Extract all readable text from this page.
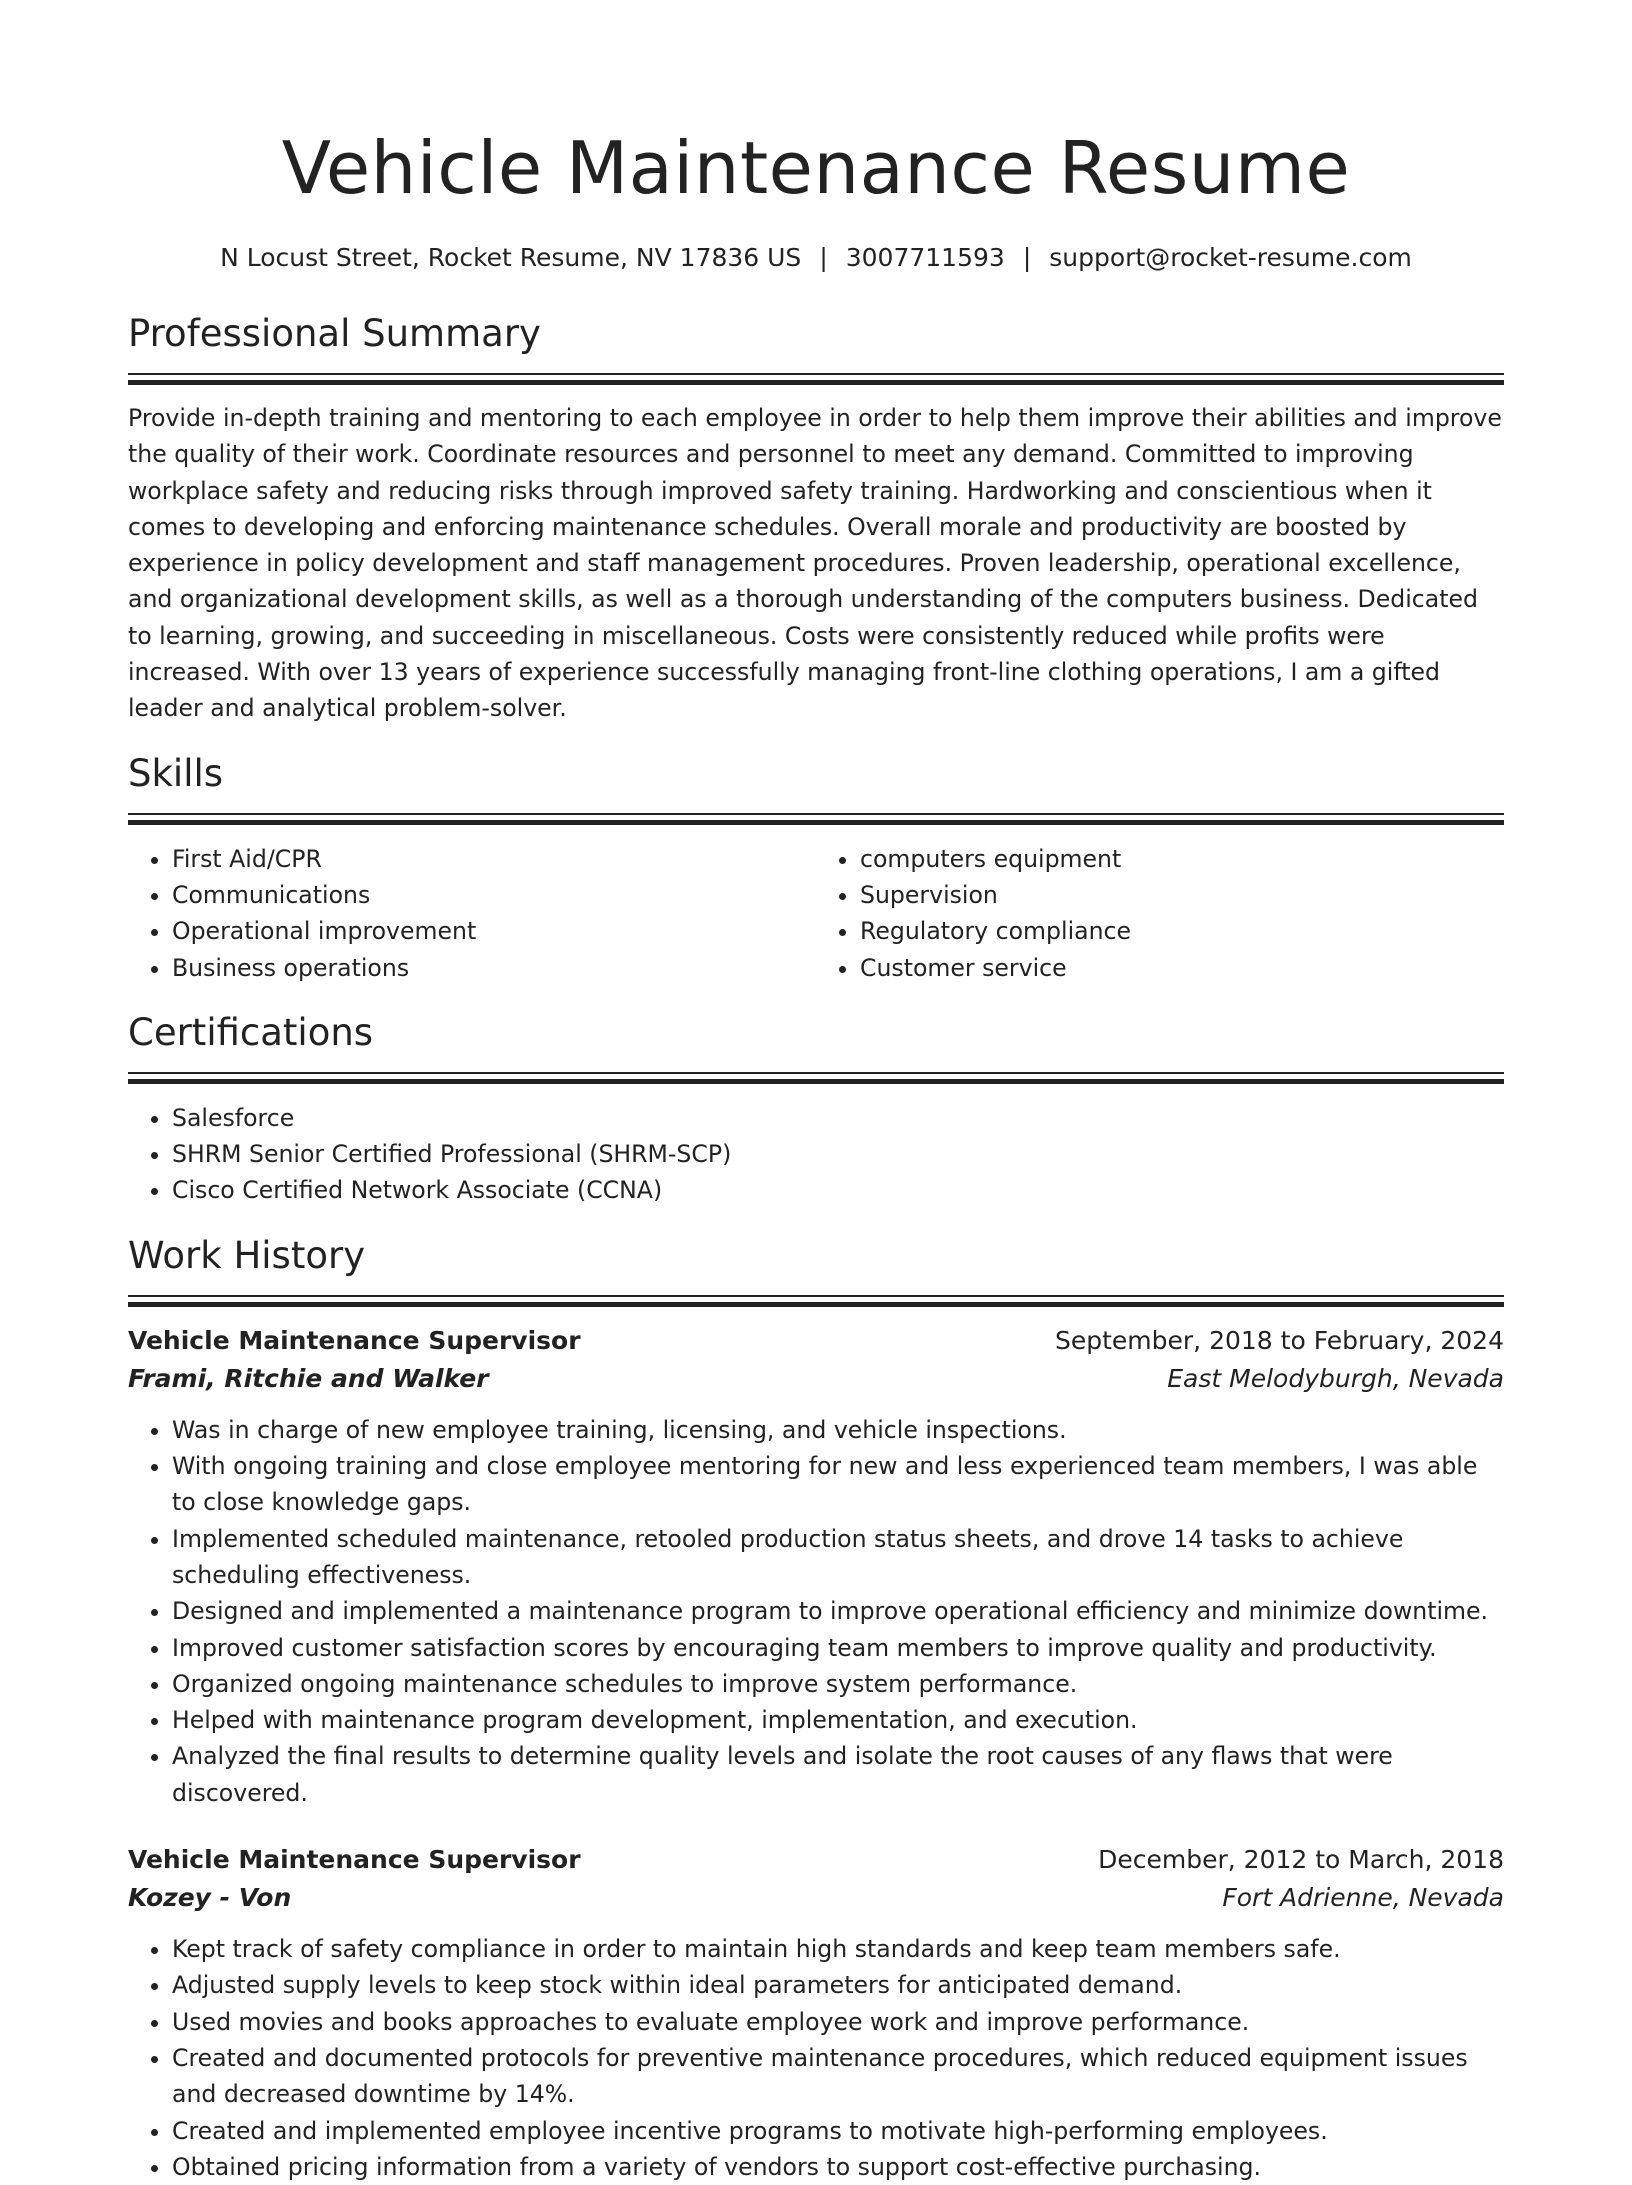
Vehicle Maintenance Resume
N Locust Street, Rocket Resume, NV 17836 US | 3007711593 | support@rocket-resume.com
Professional Summary

Provide in-depth training and mentoring to each employee in order to help them improve their abilities and improve the quality of their work. Coordinate resources and personnel to meet any demand. Committed to improving workplace safety and reducing risks through improved safety training. Hardworking and conscientious when it comes to developing and enforcing maintenance schedules. Overall morale and productivity are boosted by experience in policy development and staff management procedures. Proven leadership, operational excellence, and organizational development skills, as well as a thorough understanding of the computers business. Dedicated to learning, growing, and succeeding in miscellaneous. Costs were consistently reduced while profits were increased. With over 13 years of experience successfully managing front-line clothing operations, I am a gifted leader and analytical problem-solver.

Skills
• First Aid/CPR
• Communications
• Operational improvement
• Business operations
• computers equipment
• Supervision
• Regulatory compliance
• Customer service
Certifications
• Salesforce
• SHRM Senior Certified Professional (SHRM-SCP)
• Cisco Certified Network Associate (CCNA)
Work History
Vehicle Maintenance Supervisor	September, 2018 to February, 2024
Frami, Ritchie and Walker	East Melodyburgh, Nevada
• Was in charge of new employee training, licensing, and vehicle inspections.
• With ongoing training and close employee mentoring for new and less experienced team members, I was able to close knowledge gaps.
• Implemented scheduled maintenance, retooled production status sheets, and drove 14 tasks to achieve scheduling effectiveness.
• Designed and implemented a maintenance program to improve operational efficiency and minimize downtime.
• Improved customer satisfaction scores by encouraging team members to improve quality and productivity.
• Organized ongoing maintenance schedules to improve system performance.
• Helped with maintenance program development, implementation, and execution.
• Analyzed the final results to determine quality levels and isolate the root causes of any flaws that were discovered.
Vehicle Maintenance Supervisor	December, 2012 to March, 2018
Kozey - Von	Fort Adrienne, Nevada
• Kept track of safety compliance in order to maintain high standards and keep team members safe.
• Adjusted supply levels to keep stock within ideal parameters for anticipated demand.
• Used movies and books approaches to evaluate employee work and improve performance.
• Created and documented protocols for preventive maintenance procedures, which reduced equipment issues and decreased downtime by 14%.
• Created and implemented employee incentive programs to motivate high-performing employees.
• Obtained pricing information from a variety of vendors to support cost-effective purchasing.
